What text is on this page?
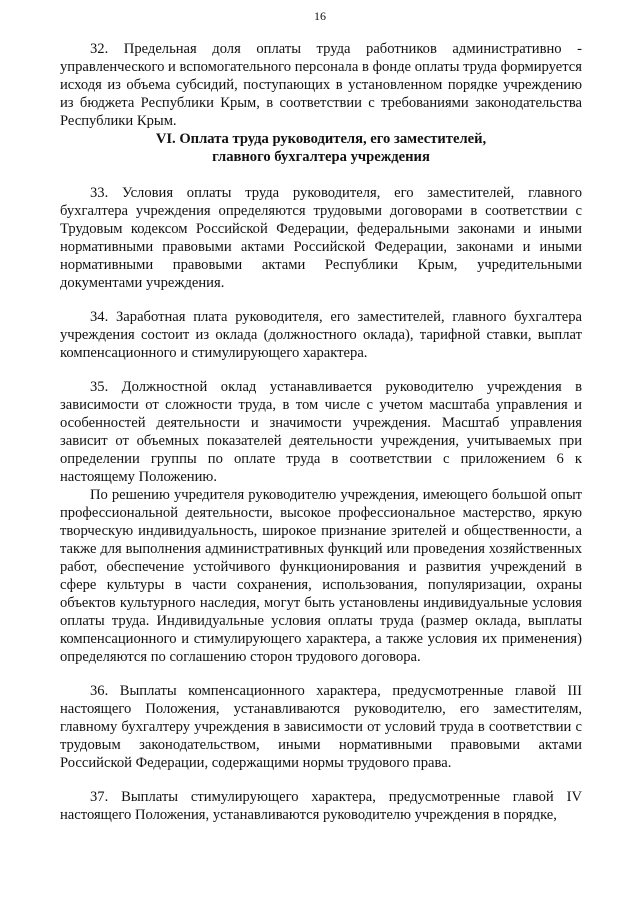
16

32. Предельная доля оплаты труда работников административно - управленческого и вспомогательного персонала в фонде оплаты труда формируется исходя из объема субсидий, поступающих в установленном порядке учреждению из бюджета Республики Крым, в соответствии с требованиями законодательства Республики Крым.

VI. Оплата труда руководителя, его заместителей,
главного бухгалтера учреждения

33. Условия оплаты труда руководителя, его заместителей, главного бухгалтера учреждения определяются трудовыми договорами в соответствии с Трудовым кодексом Российской Федерации, федеральными законами и иными нормативными правовыми актами Российской Федерации, законами и иными нормативными правовыми актами Республики Крым, учредительными документами учреждения.

34. Заработная плата руководителя, его заместителей, главного бухгалтера учреждения состоит из оклада (должностного оклада), тарифной ставки, выплат компенсационного и стимулирующего характера.

35. Должностной оклад устанавливается руководителю учреждения в зависимости от сложности труда, в том числе с учетом масштаба управления и особенностей деятельности и значимости учреждения. Масштаб управления зависит от объемных показателей деятельности учреждения, учитываемых при определении группы по оплате труда в соответствии с приложением 6 к настоящему Положению.

По решению учредителя руководителю учреждения, имеющего большой опыт профессиональной деятельности, высокое профессиональное мастерство, яркую творческую индивидуальность, широкое признание зрителей и общественности, а также для выполнения административных функций или проведения хозяйственных работ, обеспечение устойчивого функционирования и развития учреждений в сфере культуры в части сохранения, использования, популяризации, охраны объектов культурного наследия, могут быть установлены индивидуальные условия оплаты труда. Индивидуальные условия оплаты труда (размер оклада, выплаты компенсационного и стимулирующего характера, а также условия их применения) определяются по соглашению сторон трудового договора.

36. Выплаты компенсационного характера, предусмотренные главой III настоящего Положения, устанавливаются руководителю, его заместителям, главному бухгалтеру учреждения в зависимости от условий труда в соответствии с трудовым законодательством, иными нормативными правовыми актами Российской Федерации, содержащими нормы трудового права.

37. Выплаты стимулирующего характера, предусмотренные главой IV настоящего Положения, устанавливаются руководителю учреждения в порядке,
